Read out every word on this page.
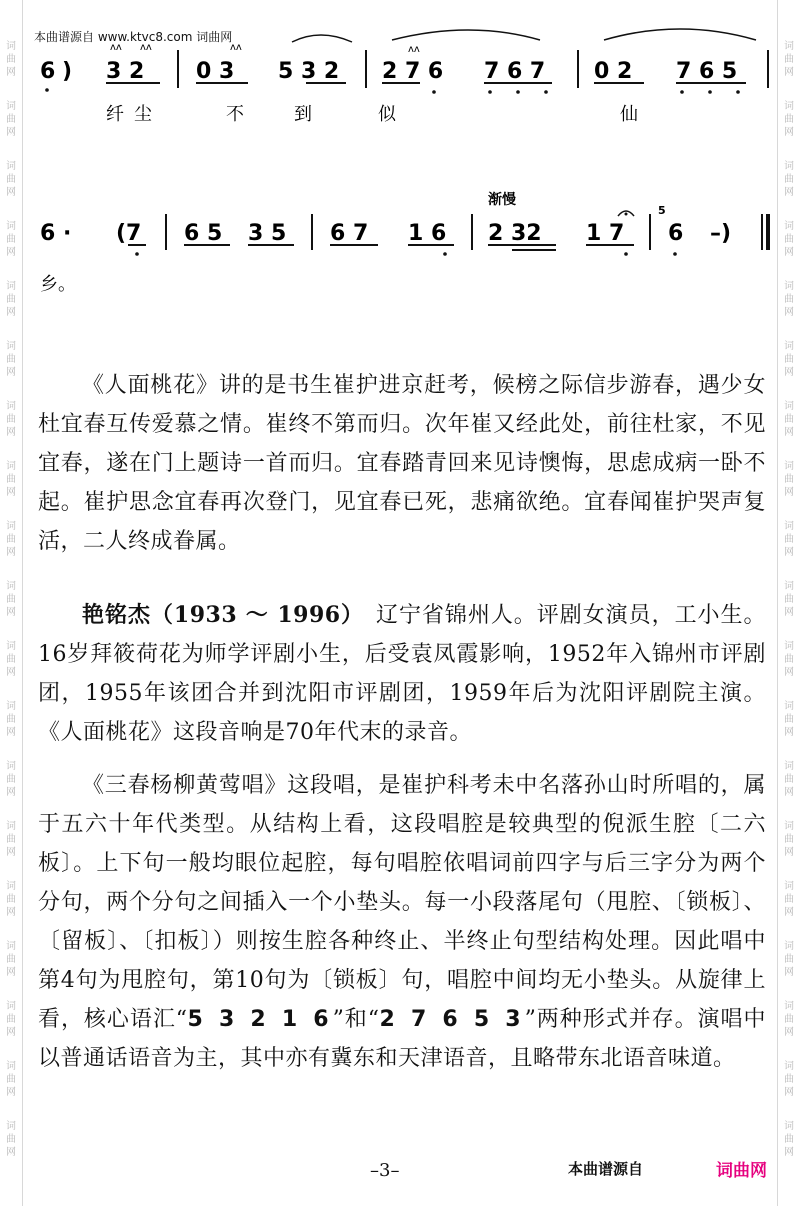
词
曲
网
词
曲
网
词
曲
网
词
曲
网
词
曲
网
词
曲
网
词
曲
网
词
曲
网
词
曲
网
词
曲
网
词
曲
网
词
曲
网
词
曲
网
词
曲
网
词
曲
网
词
曲
网
词
曲
网
词
曲
网
词
曲
网
词
曲
网
词
曲
网
词
曲
网
词
曲
网
词
曲
网
词
曲
网
词
曲
网
词
曲
网
词
曲
网
词
曲
网
词
曲
网
词
曲
网
词
曲
网
词
曲
网
词
曲
网
词
曲
网
词
曲
网
词
曲
网
词
曲
网
本曲谱源自 www.ktvc8.com 词曲网
6 ) 3 2
ʌʌ ʌʌ
0 3
ʌʌ
5 3 2 2 7 6
ʌʌ
7 6 7 0 2 7 6 5
纤尘	不	到	似	仙
渐慢
6 · (7 6 5 3 5 6 7 1 6 2 32 1 7
5
6 –)
乡。

《人面桃花》讲的是书生崔护进京赶考，候榜之际信步游春，遇少女杜宜春互传爱慕之情。崔终不第而归。次年崔又经此处，前往杜家，不见宜春，遂在门上题诗一首而归。宜春踏青回来见诗懊悔，思虑成病一卧不起。崔护思念宜春再次登门，见宜春已死，悲痛欲绝。宜春闻崔护哭声复活，二人终成眷属。

艳铭杰（1933 ～ 1996）　辽宁省锦州人。评剧女演员，工小生。16岁拜筱荷花为师学评剧小生，后受袁凤霞影响，1952年入锦州市评剧团，1955年该团合并到沈阳市评剧团，1959年后为沈阳评剧院主演。《人面桃花》这段音响是70年代末的录音。

《三春杨柳黄莺唱》这段唱，是崔护科考未中名落孙山时所唱的，属于五六十年代类型。从结构上看，这段唱腔是较典型的倪派生腔〔二六板〕。上下句一般均眼位起腔，每句唱腔依唱词前四字与后三字分为两个分句，两个分句之间插入一个小垫头。每一小段落尾句（甩腔、〔锁板〕、〔留板〕、〔扣板〕）则按生腔各种终止、半终止句型结构处理。因此唱中第4句为甩腔句，第10句为〔锁板〕句，唱腔中间均无小垫头。从旋律上看，核心语汇“5 3 2 1 6”和“2 7 6 5 3”两种形式并存。演唱中以普通话语音为主，其中亦有冀东和天津语音，且略带东北语音味道。

–3–	本曲谱源自	词曲网
